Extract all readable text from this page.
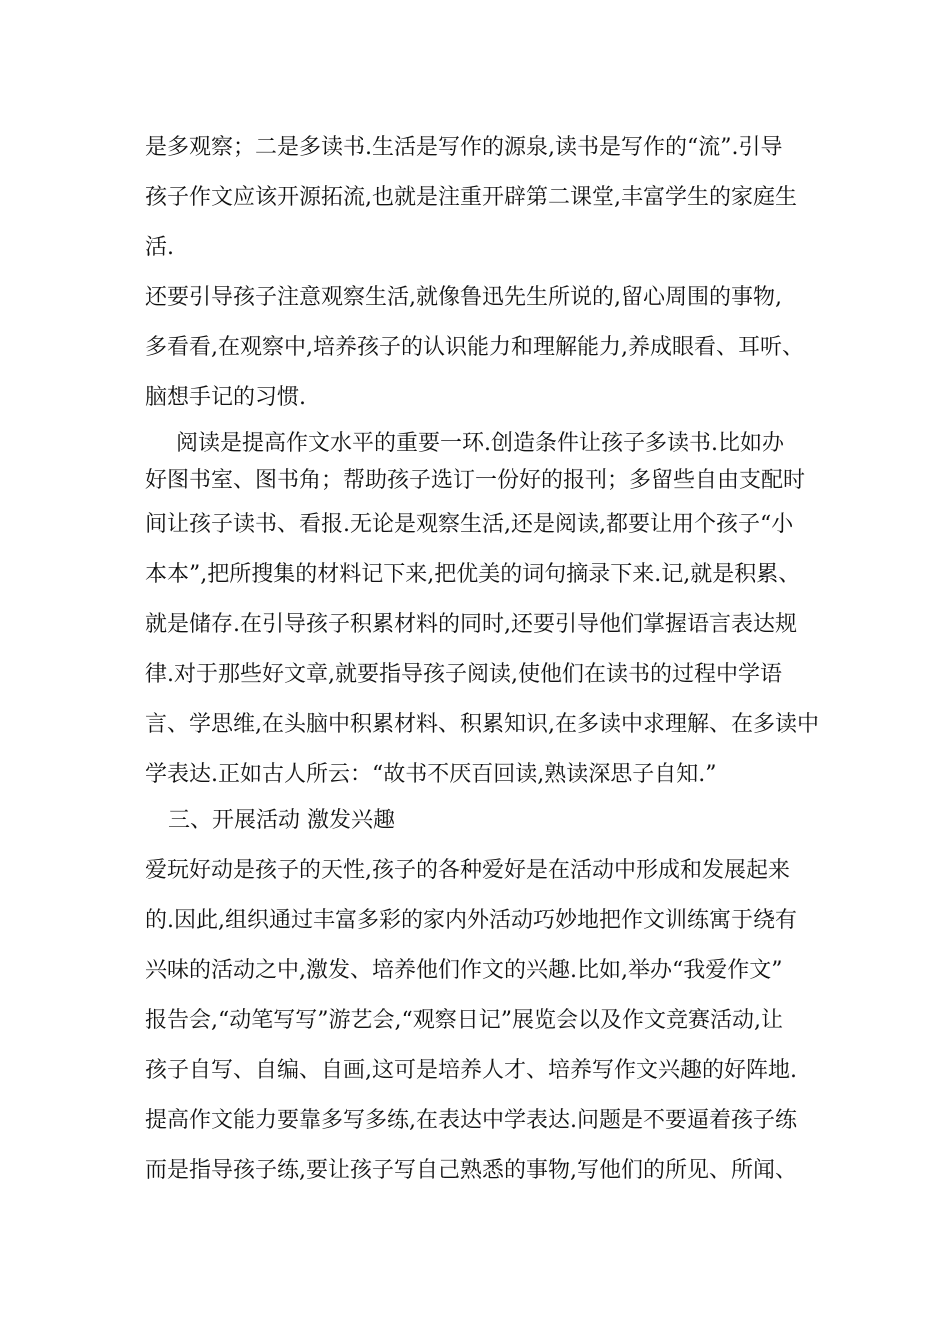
是多观察；二是多读书.生活是写作的源泉,读书是写作的“流”.引导
孩子作文应该开源拓流,也就是注重开辟第二课堂,丰富学生的家庭生
活.
还要引导孩子注意观察生活,就像鲁迅先生所说的,留心周围的事物,
多看看,在观察中,培养孩子的认识能力和理解能力,养成眼看、耳听、
脑想手记的习惯.
阅读是提高作文水平的重要一环.创造条件让孩子多读书.比如办
好图书室、图书角；帮助孩子选订一份好的报刊；多留些自由支配时
间让孩子读书、看报.无论是观察生活,还是阅读,都要让用个孩子“小
本本”,把所搜集的材料记下来,把优美的词句摘录下来.记,就是积累、
就是储存.在引导孩子积累材料的同时,还要引导他们掌握语言表达规
律.对于那些好文章,就要指导孩子阅读,使他们在读书的过程中学语
言、学思维,在头脑中积累材料、积累知识,在多读中求理解、在多读中
学表达.正如古人所云：“故书不厌百回读,熟读深思子自知.”
三、开展活动 激发兴趣
爱玩好动是孩子的天性,孩子的各种爱好是在活动中形成和发展起来
的.因此,组织通过丰富多彩的家内外活动巧妙地把作文训练寓于绕有
兴味的活动之中,激发、培养他们作文的兴趣.比如,举办“我爱作文”
报告会,“动笔写写”游艺会,“观察日记”展览会以及作文竞赛活动,让
孩子自写、自编、自画,这可是培养人才、培养写作文兴趣的好阵地.
提高作文能力要靠多写多练,在表达中学表达.问题是不要逼着孩子练
而是指导孩子练,要让孩子写自己熟悉的事物,写他们的所见、所闻、
